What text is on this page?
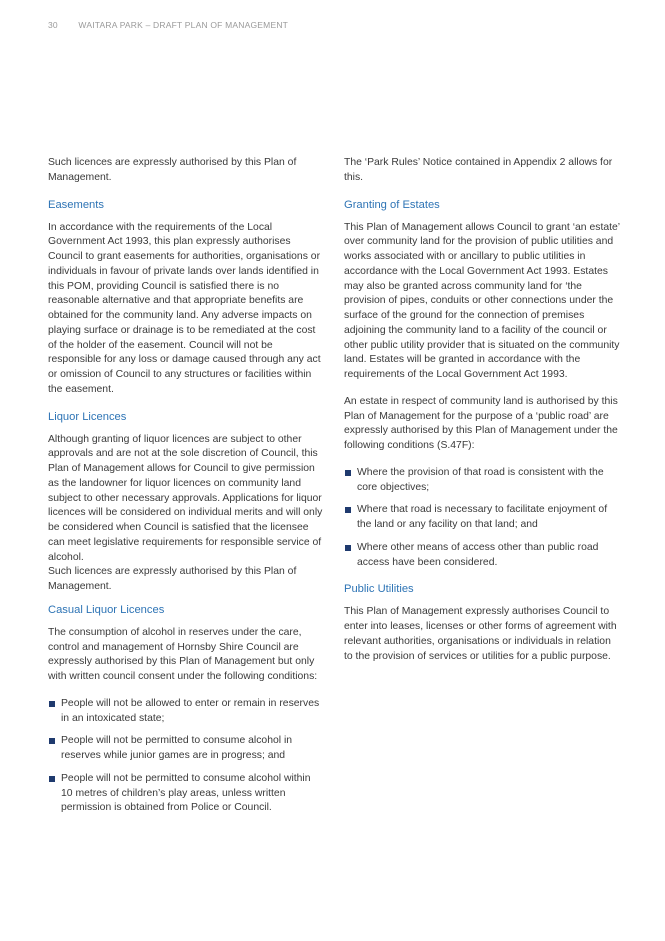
30 WAITARA PARK – DRAFT PLAN OF MANAGEMENT

Such licences are expressly authorised by this Plan of Management.

Easements

In accordance with the requirements of the Local Government Act 1993, this plan expressly authorises Council to grant easements for authorities, organisations or individuals in favour of private lands over lands identified in this POM, providing Council is satisfied there is no reasonable alternative and that appropriate benefits are obtained for the community land. Any adverse impacts on playing surface or drainage is to be remediated at the cost of the holder of the easement. Council will not be responsible for any loss or damage caused through any act or omission of Council to any structures or facilities within the easement.

Liquor Licences

Although granting of liquor licences are subject to other approvals and are not at the sole discretion of Council, this Plan of Management allows for Council to give permission as the landowner for liquor licences on community land subject to other necessary approvals. Applications for liquor licences will be considered on individual merits and will only be considered when Council is satisfied that the licensee can meet legislative requirements for responsible service of alcohol.
Such licences are expressly authorised by this Plan of Management.

Casual Liquor Licences

The consumption of alcohol in reserves under the care, control and management of Hornsby Shire Council are expressly authorised by this Plan of Management but only with written council consent under the following conditions:

People will not be allowed to enter or remain in reserves in an intoxicated state;
People will not be permitted to consume alcohol in reserves while junior games are in progress; and
People will not be permitted to consume alcohol within 10 metres of children’s play areas, unless written permission is obtained from Police or Council.

The ‘Park Rules’ Notice contained in Appendix 2 allows for this.

Granting of Estates

This Plan of Management allows Council to grant ‘an estate’ over community land for the provision of public utilities and works associated with or ancillary to public utilities in accordance with the Local Government Act 1993. Estates may also be granted across community land for ‘the provision of pipes, conduits or other connections under the surface of the ground for the connection of premises adjoining the community land to a facility of the council or other public utility provider that is situated on the community land. Estates will be granted in accordance with the requirements of the Local Government Act 1993.

An estate in respect of community land is authorised by this Plan of Management for the purpose of a ‘public road’ are expressly authorised by this Plan of Management under the following conditions (S.47F):

Where the provision of that road is consistent with the core objectives;
Where that road is necessary to facilitate enjoyment of the land or any facility on that land; and
Where other means of access other than public road access have been considered.
Public Utilities

This Plan of Management expressly authorises Council to enter into leases, licenses or other forms of agreement with relevant authorities, organisations or individuals in relation to the provision of services or utilities for a public purpose.
